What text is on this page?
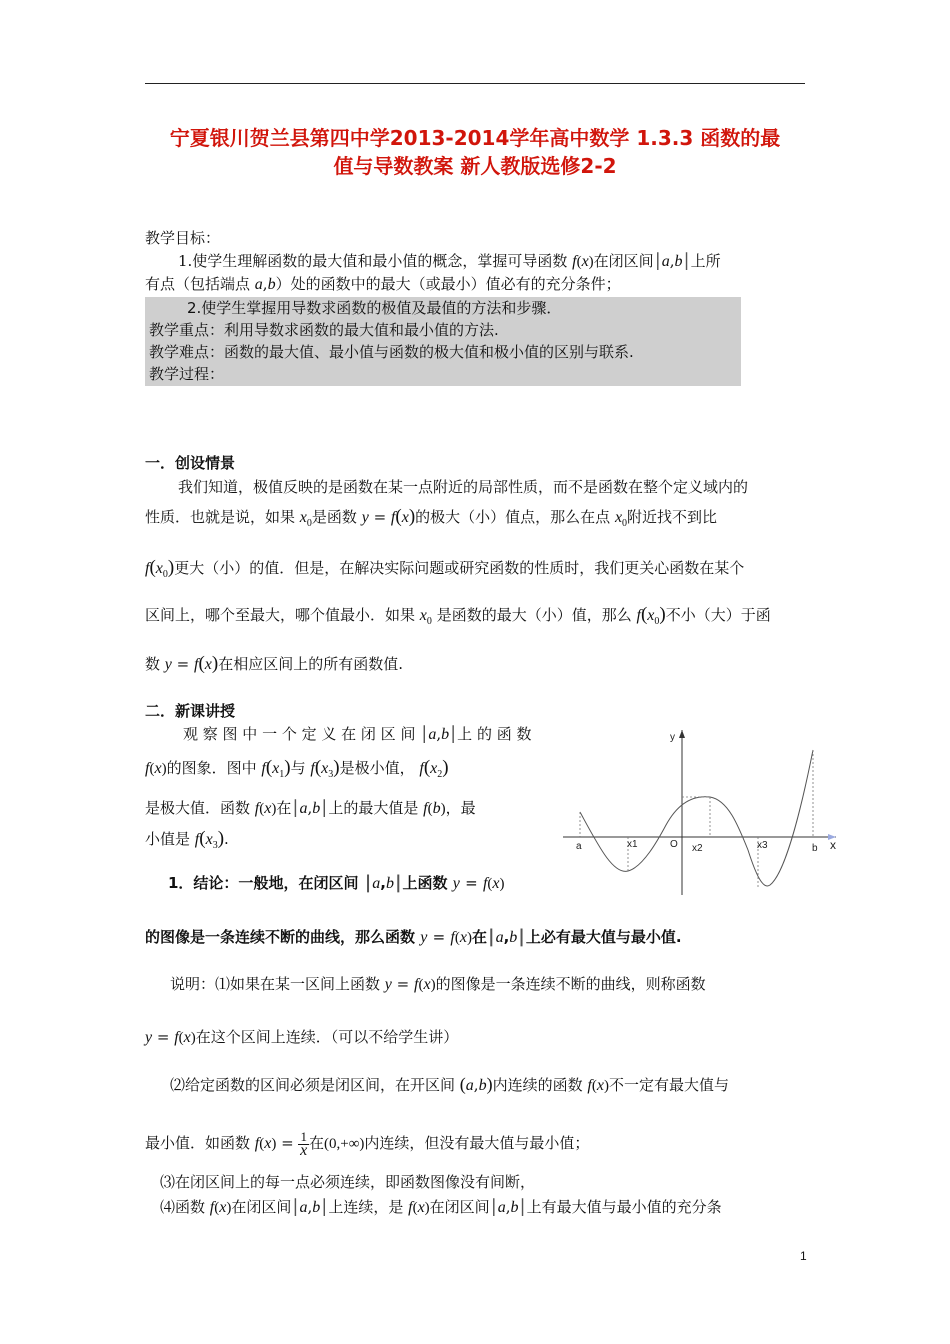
宁夏银川贺兰县第四中学2013-2014学年高中数学 1.3.3 函数的最
值与导数教案 新人教版选修2-2
教学目标：
1.使学生理解函数的最大值和最小值的概念，掌握可导函数 f(x)在闭区间|a,b|上所
有点（包括端点 a,b）处的函数中的最大（或最小）值必有的充分条件；
2.使学生掌握用导数求函数的极值及最值的方法和步骤．
教学重点：利用导数求函数的最大值和最小值的方法.
教学难点：函数的最大值、最小值与函数的极大值和极小值的区别与联系.
教学过程：
一．创设情景
我们知道，极值反映的是函数在某一点附近的局部性质，而不是函数在整个定义域内的
性质．也就是说，如果 $x_0$是函数 y = f(x)的极大（小）值点，那么在点 $x_0$附近找不到比
$f(x_0)$更大（小）的值．但是，在解决实际问题或研究函数的性质时，我们更关心函数在某个
区间上，哪个至最大，哪个值最小．如果 $x_0$ 是函数的最大（小）值，那么 $f(x_0)$不小（大）于函
数 y = f(x)在相应区间上的所有函数值.
二．新课讲授
观 察 图 中 一 个 定 义 在 闭 区 间 |a,b|上 的 函 数
f(x)的图象．图中 $f(x_1)$与 $f(x_3)$是极小值， $f(x_2)$
是极大值．函数 f(x)在|a,b|上的最大值是 f(b)，最
小值是 $f(x_3)$.
y
x
a	x1	O x2	x3	b
1．结论：一般地，在闭区间 |a,b|上函数 y = f(x)
的图像是一条连续不断的曲线，那么函数 y = f(x)在|a,b|上必有最大值与最小值.
说明：⑴如果在某一区间上函数 y = f(x)的图像是一条连续不断的曲线，则称函数
y = f(x)在这个区间上连续．（可以不给学生讲）
⑵给定函数的区间必须是闭区间，在开区间 (a,b)内连续的函数 f(x)不一定有最大值与
最小值．如函数 $f(x) = \frac{1}{x}$在(0,+∞)内连续，但没有最大值与最小值；
⑶在闭区间上的每一点必须连续，即函数图像没有间断，
⑷函数 f(x)在闭区间|a,b|上连续，是 f(x)在闭区间|a,b|上有最大值与最小值的充分条
1
